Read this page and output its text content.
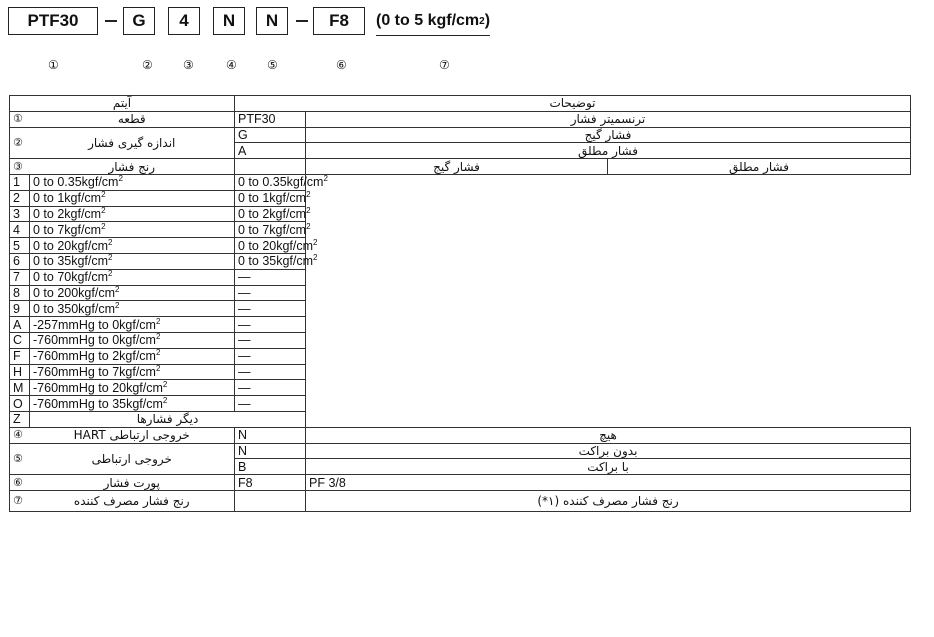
PTF30	G	4	N	N	F8	(0 to 5 kgf/cm 2 )
①	②	③	④	⑤	⑥	⑦
آیتم		توضیحات		
①	قطعه	PTF30	ترنسمیتر فشار	
②	اندازه گیری فشار	G	فشار گیج	
		A	فشار مطلق	
③	رنج فشار		فشار گیج	فشار مطلق
1	0 to $0.35kgf/cm^2$	0 to $0.35kgf/cm^2$
2	0 to $1kgf/cm^2$	0 to $1kgf/cm^2$
3	0 to $2kgf/cm^2$	0 to $2kgf/cm^2$
4	0 to $7kgf/cm^2$	0 to $7kgf/cm^2$
5	0 to $20kgf/cm^2$	0 to $20kgf/cm^2$
6	0 to $35kgf/cm^2$	0 to $35kgf/cm^2$
7	0 to $70kgf/cm^2$	—		
8	0 to $200kgf/cm^2$	—		
9	0 to $350kgf/cm^2$	—		
A	-257mmHg to $0kgf/cm^2$	—		
C	-760mmHg to $0kgf/cm^2$	—		
F	-760mmHg to $2kgf/cm^2$	—		
H	-760mmHg to $7kgf/cm^2$	—		
M	-760mmHg to $20kgf/cm^2$	—		
O	-760mmHg to $35kgf/cm^2$	—		
Z	دیگر فشارها			
④	خروجی ارتباطی HART	N	هیچ	
⑤	خروجی ارتباطی	N	بدون براکت	
		B	با براکت	
⑥	پورت فشار	F8	PF 3/8	
⑦	رنج فشار مصرف کننده		رنج فشار مصرف کننده (۱*)	
